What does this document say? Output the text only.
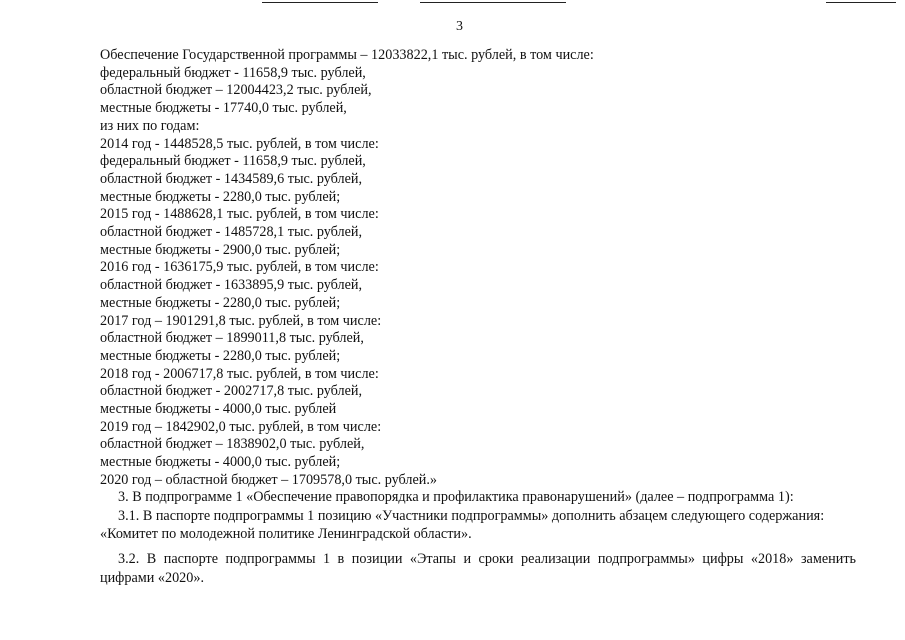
3
Обеспечение Государственной программы – 12033822,1 тыс. рублей, в том числе:
федеральный бюджет - 11658,9 тыс. рублей,
областной бюджет – 12004423,2 тыс. рублей,
местные бюджеты - 17740,0 тыс. рублей,
из них по годам:
2014 год - 1448528,5 тыс. рублей, в том числе:
федеральный бюджет - 11658,9 тыс. рублей,
областной бюджет - 1434589,6 тыс. рублей,
местные бюджеты - 2280,0 тыс. рублей;
2015 год - 1488628,1 тыс. рублей, в том числе:
областной бюджет - 1485728,1 тыс. рублей,
местные бюджеты - 2900,0 тыс. рублей;
2016 год - 1636175,9 тыс. рублей, в том числе:
областной бюджет - 1633895,9 тыс. рублей,
местные бюджеты - 2280,0 тыс. рублей;
2017 год – 1901291,8 тыс. рублей, в том числе:
областной бюджет – 1899011,8 тыс. рублей,
местные бюджеты - 2280,0 тыс. рублей;
2018 год - 2006717,8 тыс. рублей, в том числе:
областной бюджет - 2002717,8 тыс. рублей,
местные бюджеты - 4000,0 тыс. рублей
2019 год – 1842902,0 тыс. рублей, в том числе:
областной бюджет – 1838902,0 тыс. рублей,
местные бюджеты - 4000,0 тыс. рублей;
2020 год – областной бюджет – 1709578,0 тыс. рублей.»
3. В подпрограмме 1 «Обеспечение правопорядка и профилактика правонарушений» (далее – подпрограмма 1):
3.1. В паспорте подпрограммы 1 позицию «Участники подпрограммы» дополнить абзацем следующего содержания:
«Комитет по молодежной политике Ленинградской области».
3.2. В паспорте подпрограммы 1 в позиции «Этапы и сроки реализации подпрограммы» цифры «2018» заменить
цифрами «2020».
